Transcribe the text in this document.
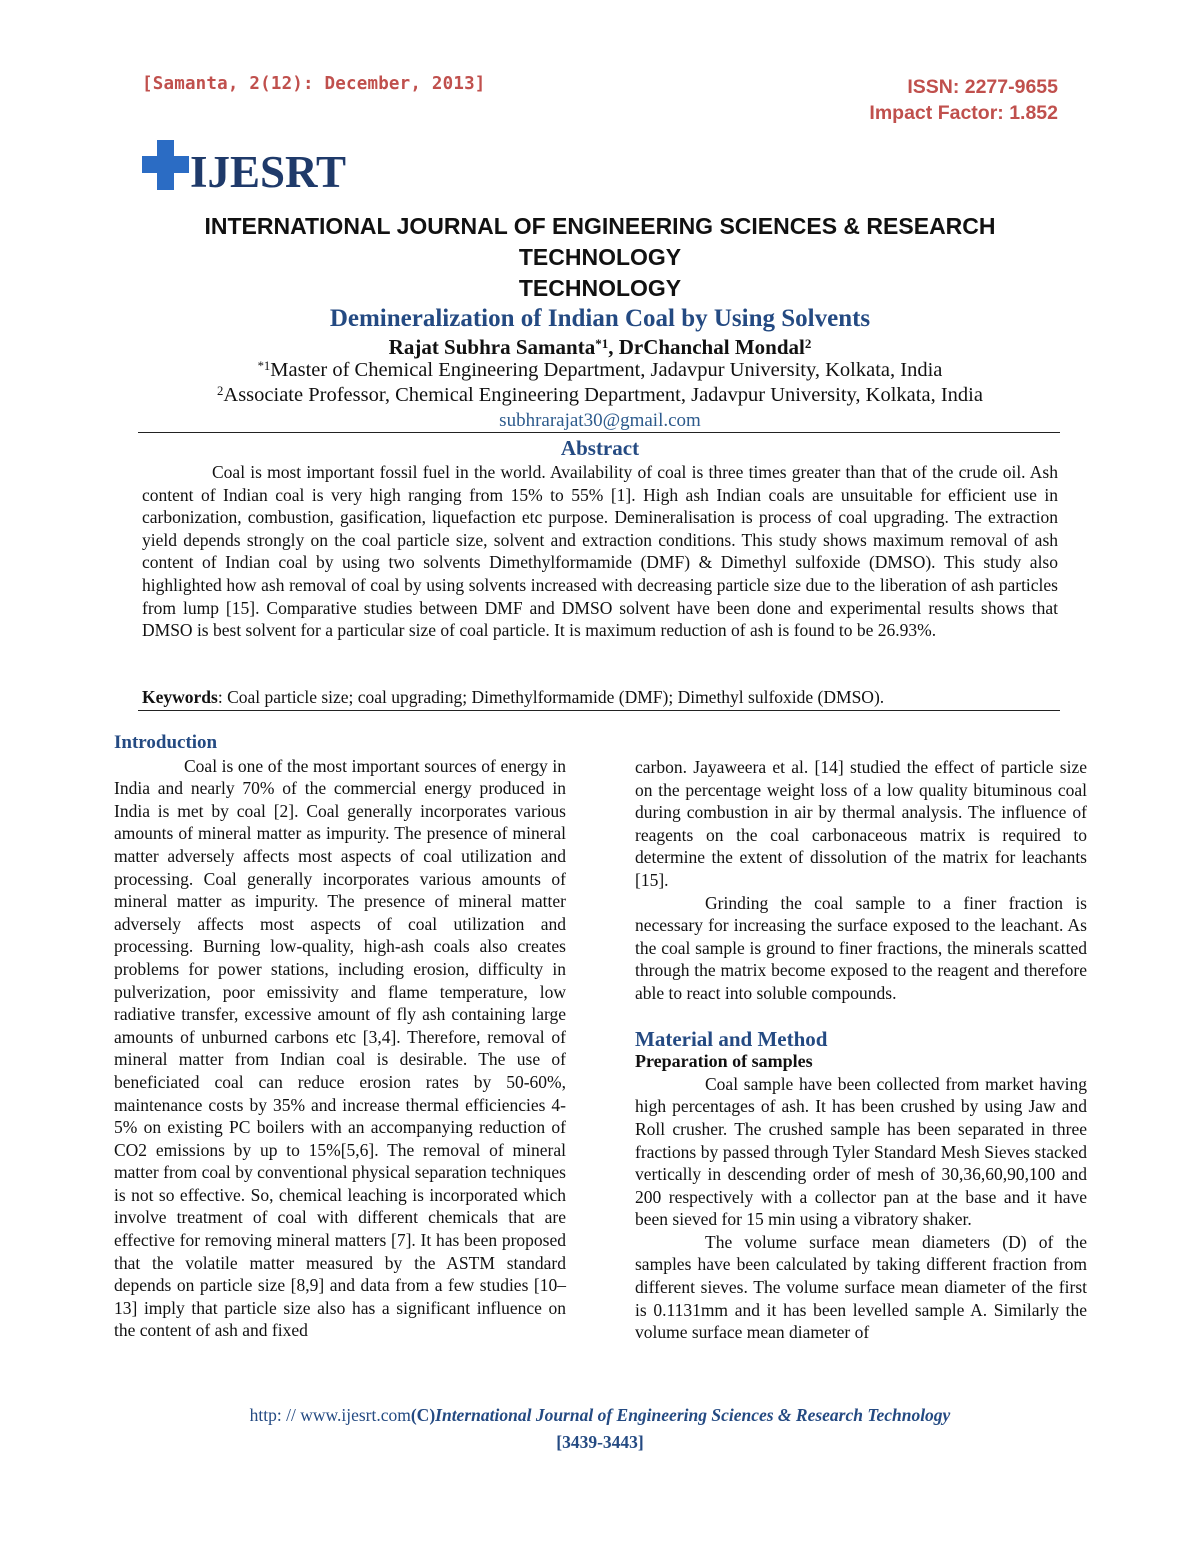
[Samanta, 2(12): December, 2013]	ISSN: 2277-9655
Impact Factor: 1.852
IJESRT
INTERNATIONAL JOURNAL OF ENGINEERING SCIENCES & RESEARCH
TECHNOLOGY
TECHNOLOGY
Demineralization of Indian Coal by Using Solvents
Rajat Subhra Samanta$^{*1}$, DrChanchal Mondal$^2$
$^{*1}$Master of Chemical Engineering Department, Jadavpur University, Kolkata, India
$^2$Associate Professor, Chemical Engineering Department, Jadavpur University, Kolkata, India
subhrarajat30@gmail.com
Abstract
Coal is most important fossil fuel in the world. Availability of coal is three times greater than that of the crude oil. Ash content of Indian coal is very high ranging from 15% to 55% [1]. High ash Indian coals are unsuitable for efficient use in carbonization, combustion, gasification, liquefaction etc purpose. Demineralisation is process of coal upgrading. The extraction yield depends strongly on the coal particle size, solvent and extraction conditions. This study shows maximum removal of ash content of Indian coal by using two solvents Dimethylformamide (DMF) & Dimethyl sulfoxide (DMSO). This study also highlighted how ash removal of coal by using solvents increased with decreasing particle size due to the liberation of ash particles from lump [15]. Comparative studies between DMF and DMSO solvent have been done and experimental results shows that DMSO is best solvent for a particular size of coal particle. It is maximum reduction of ash is found to be 26.93%.
Keywords: Coal particle size; coal upgrading; Dimethylformamide (DMF); Dimethyl sulfoxide (DMSO).
Introduction

Coal is one of the most important sources of energy in India and nearly 70% of the commercial energy produced in India is met by coal [2]. Coal generally incorporates various amounts of mineral matter as impurity. The presence of mineral matter adversely affects most aspects of coal utilization and processing. Coal generally incorporates various amounts of mineral matter as impurity. The presence of mineral matter adversely affects most aspects of coal utilization and processing. Burning low-quality, high-ash coals also creates problems for power stations, including erosion, difficulty in pulverization, poor emissivity and flame temperature, low radiative transfer, excessive amount of fly ash containing large amounts of unburned carbons etc [3,4]. Therefore, removal of mineral matter from Indian coal is desirable. The use of beneficiated coal can reduce erosion rates by 50-60%, maintenance costs by 35% and increase thermal efficiencies 4-5% on existing PC boilers with an accompanying reduction of CO2 emissions by up to 15%[5,6]. The removal of mineral matter from coal by conventional physical separation techniques is not so effective. So, chemical leaching is incorporated which involve treatment of coal with different chemicals that are effective for removing mineral matters [7]. It has been proposed that the volatile matter measured by the ASTM standard depends on particle size [8,9] and data from a few studies [10–13] imply that particle size also has a significant influence on the content of ash and fixed

carbon. Jayaweera et al. [14] studied the effect of particle size on the percentage weight loss of a low quality bituminous coal during combustion in air by thermal analysis. The influence of reagents on the coal carbonaceous matrix is required to determine the extent of dissolution of the matrix for leachants [15].

Grinding the coal sample to a finer fraction is necessary for increasing the surface exposed to the leachant. As the coal sample is ground to finer fractions, the minerals scatted through the matrix become exposed to the reagent and therefore able to react into soluble compounds.

Material and Method
Preparation of samples

Coal sample have been collected from market having high percentages of ash. It has been crushed by using Jaw and Roll crusher. The crushed sample has been separated in three fractions by passed through Tyler Standard Mesh Sieves stacked vertically in descending order of mesh of 30,36,60,90,100 and 200 respectively with a collector pan at the base and it have been sieved for 15 min using a vibratory shaker.

The volume surface mean diameters (D) of the samples have been calculated by taking different fraction from different sieves. The volume surface mean diameter of the first is 0.1131mm and it has been levelled sample A. Similarly the volume surface mean diameter of

http: // www.ijesrt.com(C)International Journal of Engineering Sciences & Research Technology
[3439-3443]
